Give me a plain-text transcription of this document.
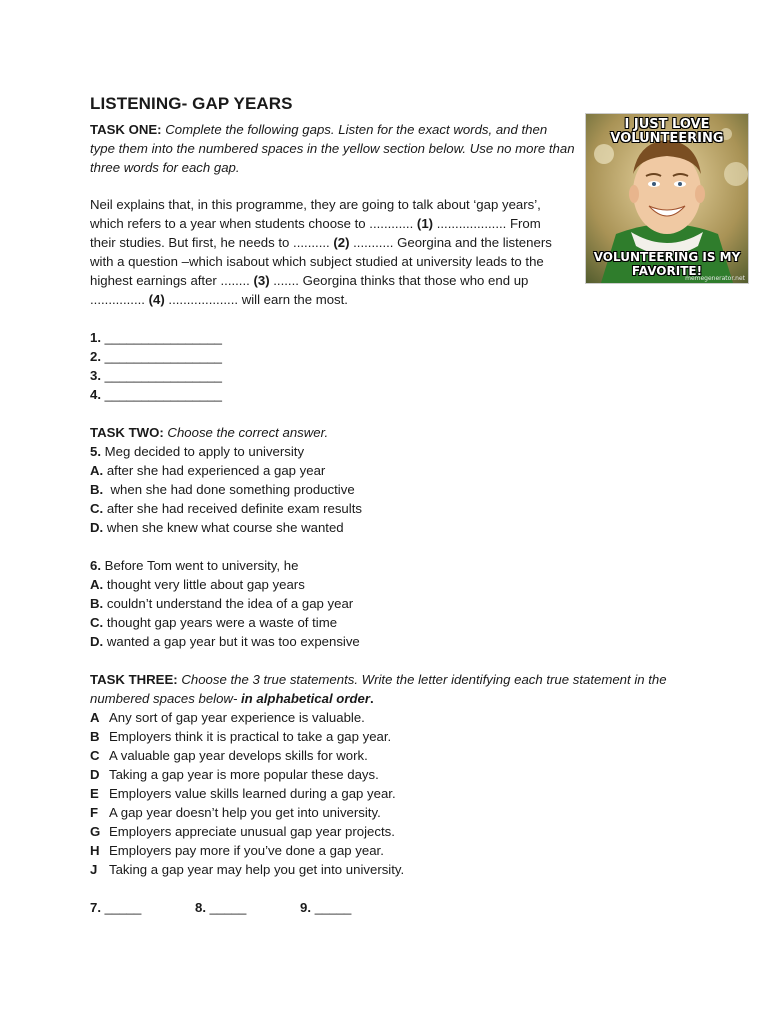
LISTENING- GAP YEARS

TASK ONE: Complete the following gaps. Listen for the exact words, and then type them into the numbered spaces in the yellow section below. Use no more than three words for each gap.

Neil explains that, in this programme, they are going to talk about ‘gap years’, which refers to a year when students choose to ............ (1) ................... From their studies. But first, he needs to .......... (2) ........... Georgina and the listeners with a question –which isabout which subject studied at university leads to the highest earnings after ........ (3) ....... Georgina thinks that those who end up ............... (4) ................... will earn the most.

1. ________________
2. ________________
3. ________________
4. ________________
TASK TWO: Choose the correct answer.
5. Meg decided to apply to university
A. after she had experienced a gap year
B.  when she had done something productive
C. after she had received definite exam results
D. when she knew what course she wanted
6. Before Tom went to university, he
A. thought very little about gap years
B. couldn’t understand the idea of a gap year
C. thought gap years were a waste of time
D. wanted a gap year but it was too expensive

TASK THREE: Choose the 3 true statements. Write the letter identifying each true statement in the numbered spaces below- in alphabetical order.

A Any sort of gap year experience is valuable.
B Employers think it is practical to take a gap year.
C A valuable gap year develops skills for work.
D Taking a gap year is more popular these days.
E Employers value skills learned during a gap year.
F A gap year doesn’t help you get into university.
G Employers appreciate unusual gap year projects.
H Employers pay more if you’ve done a gap year.
J Taking a gap year may help you get into university.
7. _____	8. _____	9. _____
I JUST LOVE
VOLUNTEERING
VOLUNTEERING IS MY
FAVORITE!
memegenerator.net
